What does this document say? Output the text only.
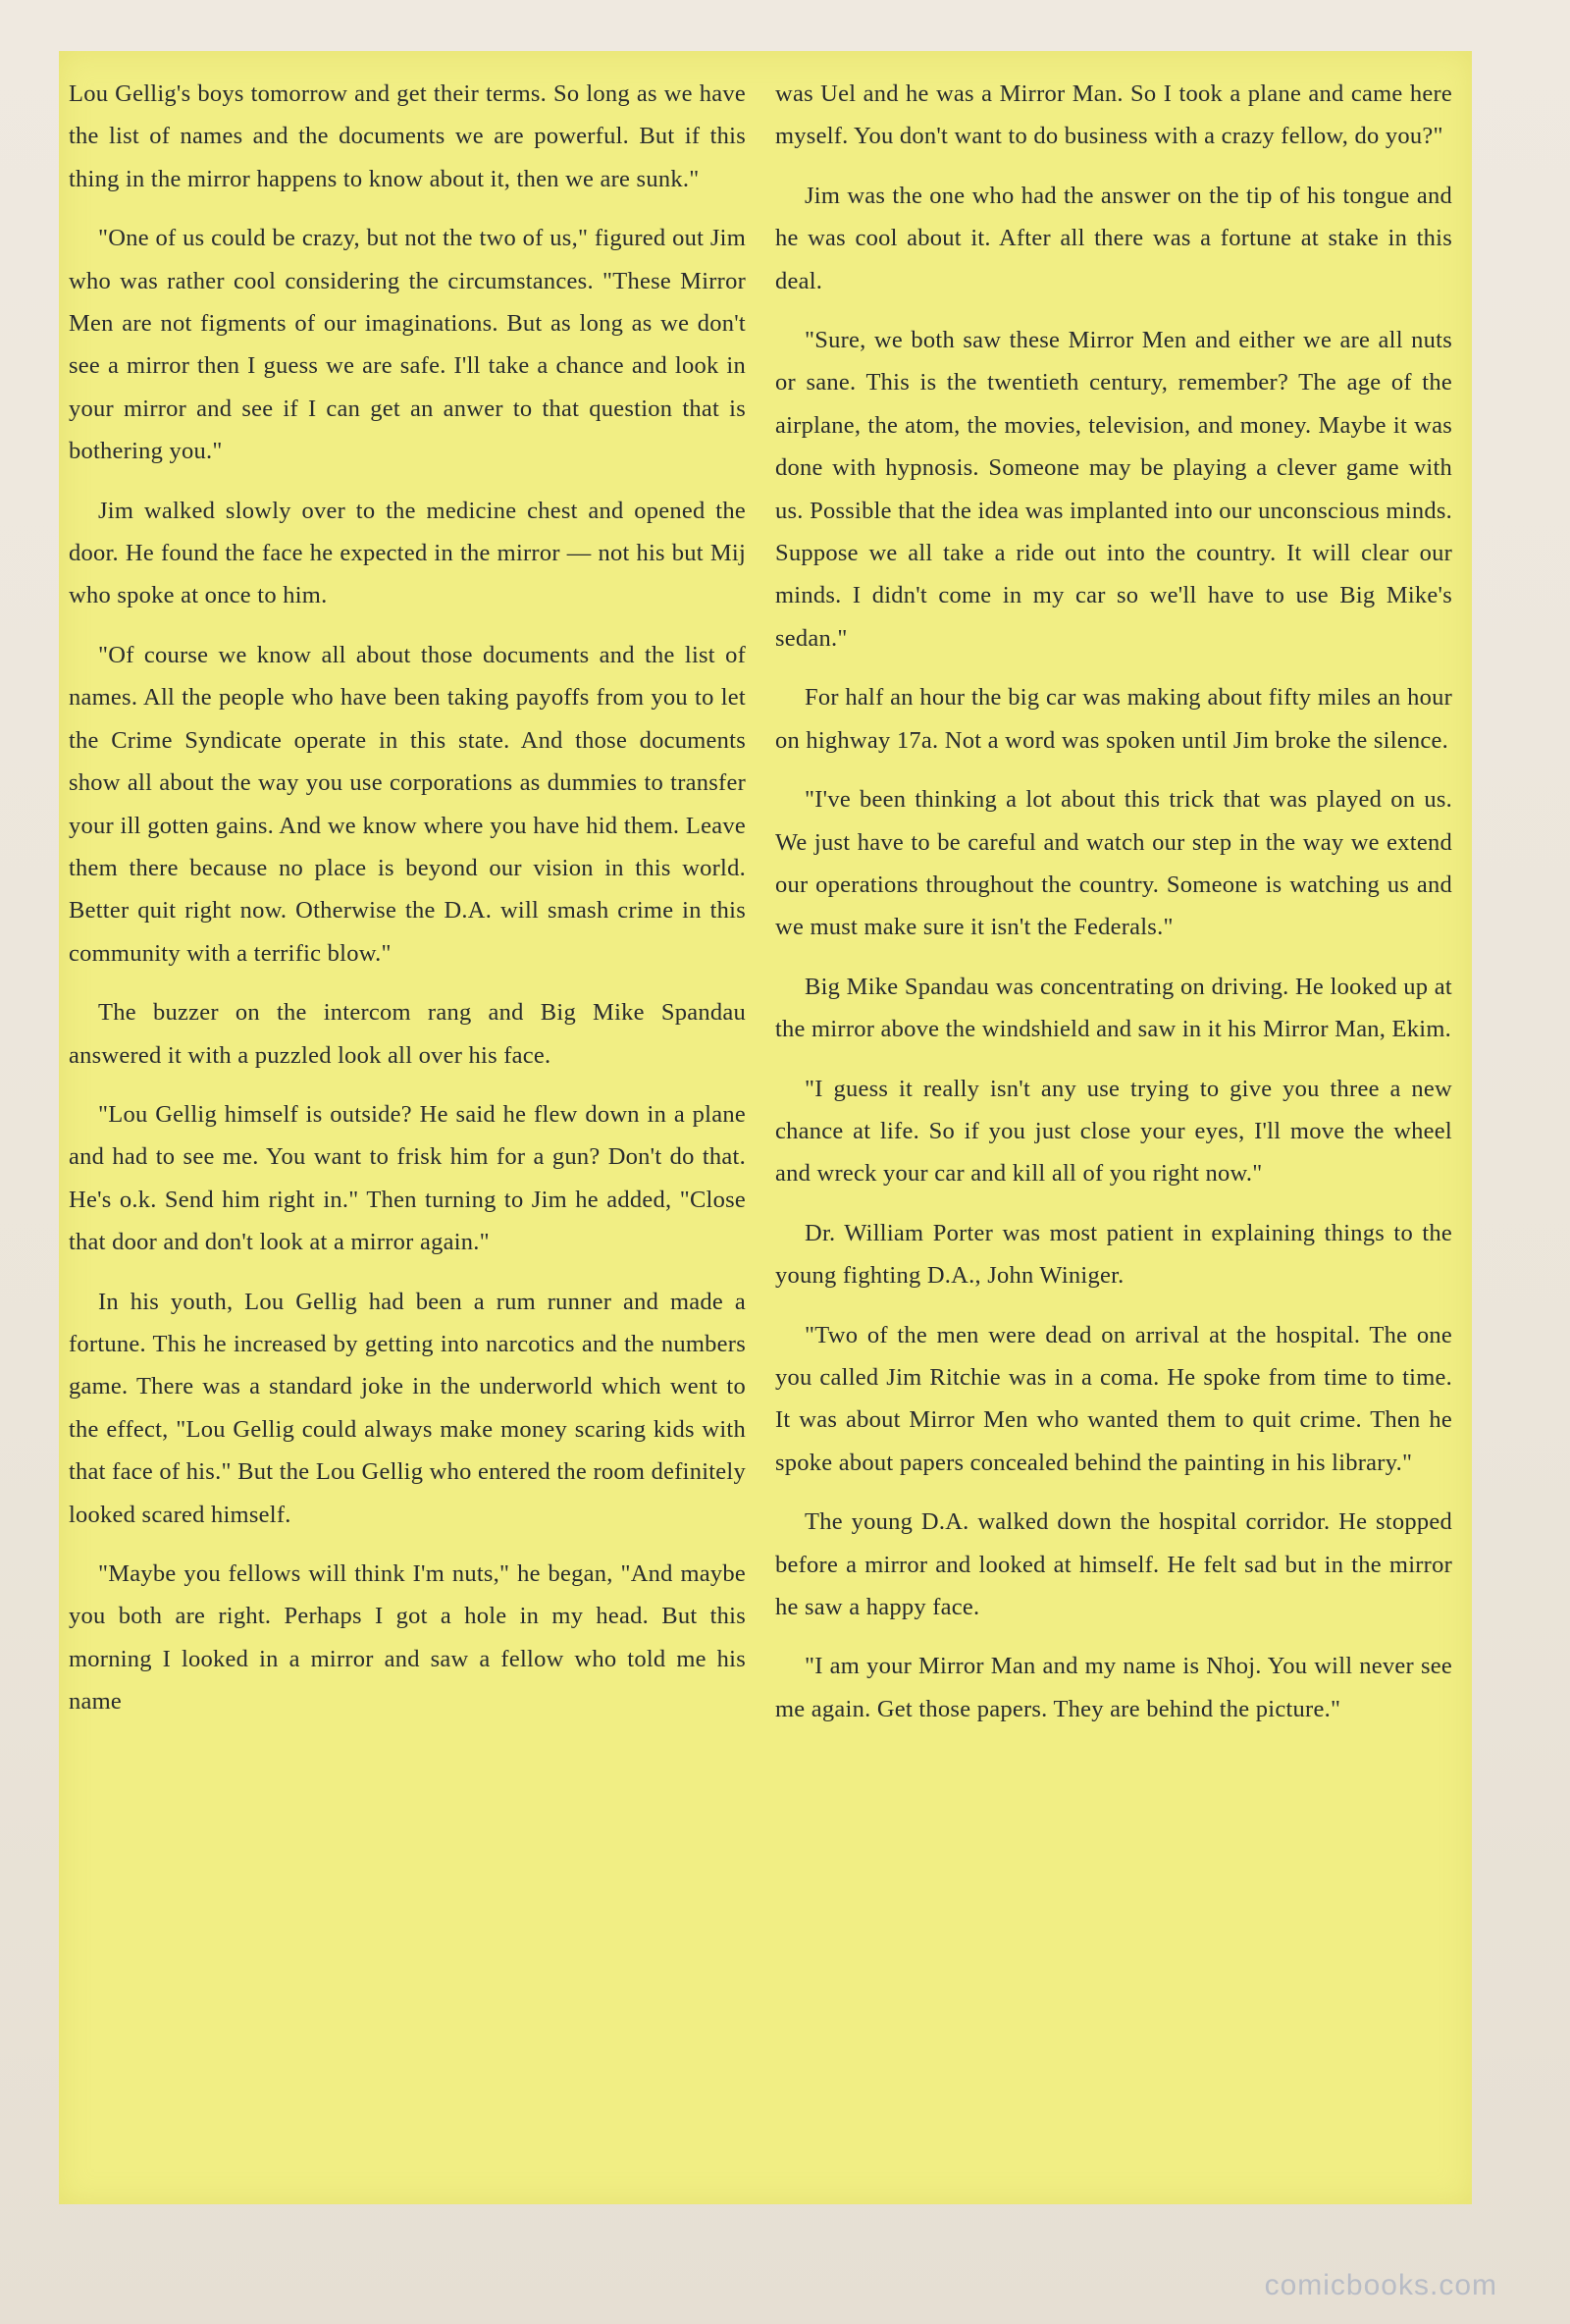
Lou Gellig's boys tomorrow and get their terms. So long as we have the list of names and the documents we are powerful. But if this thing in the mirror happens to know about it, then we are sunk."

"One of us could be crazy, but not the two of us," figured out Jim who was rather cool considering the circumstances. "These Mirror Men are not figments of our imaginations. But as long as we don't see a mirror then I guess we are safe. I'll take a chance and look in your mirror and see if I can get an anwer to that question that is bothering you."

Jim walked slowly over to the medicine chest and opened the door. He found the face he expected in the mirror — not his but Mij who spoke at once to him.

"Of course we know all about those documents and the list of names. All the people who have been taking payoffs from you to let the Crime Syndicate operate in this state. And those documents show all about the way you use corporations as dummies to transfer your ill gotten gains. And we know where you have hid them. Leave them there because no place is beyond our vision in this world. Better quit right now. Otherwise the D.A. will smash crime in this community with a terrific blow."

The buzzer on the intercom rang and Big Mike Spandau answered it with a puzzled look all over his face.

"Lou Gellig himself is outside? He said he flew down in a plane and had to see me. You want to frisk him for a gun? Don't do that. He's o.k. Send him right in." Then turning to Jim he added, "Close that door and don't look at a mirror again."

In his youth, Lou Gellig had been a rum runner and made a fortune. This he increased by getting into narcotics and the numbers game. There was a standard joke in the underworld which went to the effect, "Lou Gellig could always make money scaring kids with that face of his." But the Lou Gellig who entered the room definitely looked scared himself.

"Maybe you fellows will think I'm nuts," he began, "And maybe you both are right. Perhaps I got a hole in my head. But this morning I looked in a mirror and saw a fellow who told me his name

was Uel and he was a Mirror Man. So I took a plane and came here myself. You don't want to do business with a crazy fellow, do you?"

Jim was the one who had the answer on the tip of his tongue and he was cool about it. After all there was a fortune at stake in this deal.

"Sure, we both saw these Mirror Men and either we are all nuts or sane. This is the twentieth century, remember? The age of the airplane, the atom, the movies, television, and money. Maybe it was done with hypnosis. Someone may be playing a clever game with us. Possible that the idea was implanted into our unconscious minds. Suppose we all take a ride out into the country. It will clear our minds. I didn't come in my car so we'll have to use Big Mike's sedan."

For half an hour the big car was making about fifty miles an hour on highway 17a. Not a word was spoken until Jim broke the silence.

"I've been thinking a lot about this trick that was played on us. We just have to be careful and watch our step in the way we extend our operations throughout the country. Someone is watching us and we must make sure it isn't the Federals."

Big Mike Spandau was concentrating on driving. He looked up at the mirror above the windshield and saw in it his Mirror Man, Ekim.

"I guess it really isn't any use trying to give you three a new chance at life. So if you just close your eyes, I'll move the wheel and wreck your car and kill all of you right now."

Dr. William Porter was most patient in explaining things to the young fighting D.A., John Winiger.

"Two of the men were dead on arrival at the hospital. The one you called Jim Ritchie was in a coma. He spoke from time to time. It was about Mirror Men who wanted them to quit crime. Then he spoke about papers concealed behind the painting in his library."

The young D.A. walked down the hospital corridor. He stopped before a mirror and looked at himself. He felt sad but in the mirror he saw a happy face.

"I am your Mirror Man and my name is Nhoj. You will never see me again. Get those papers. They are behind the picture."

comicbooks.com
